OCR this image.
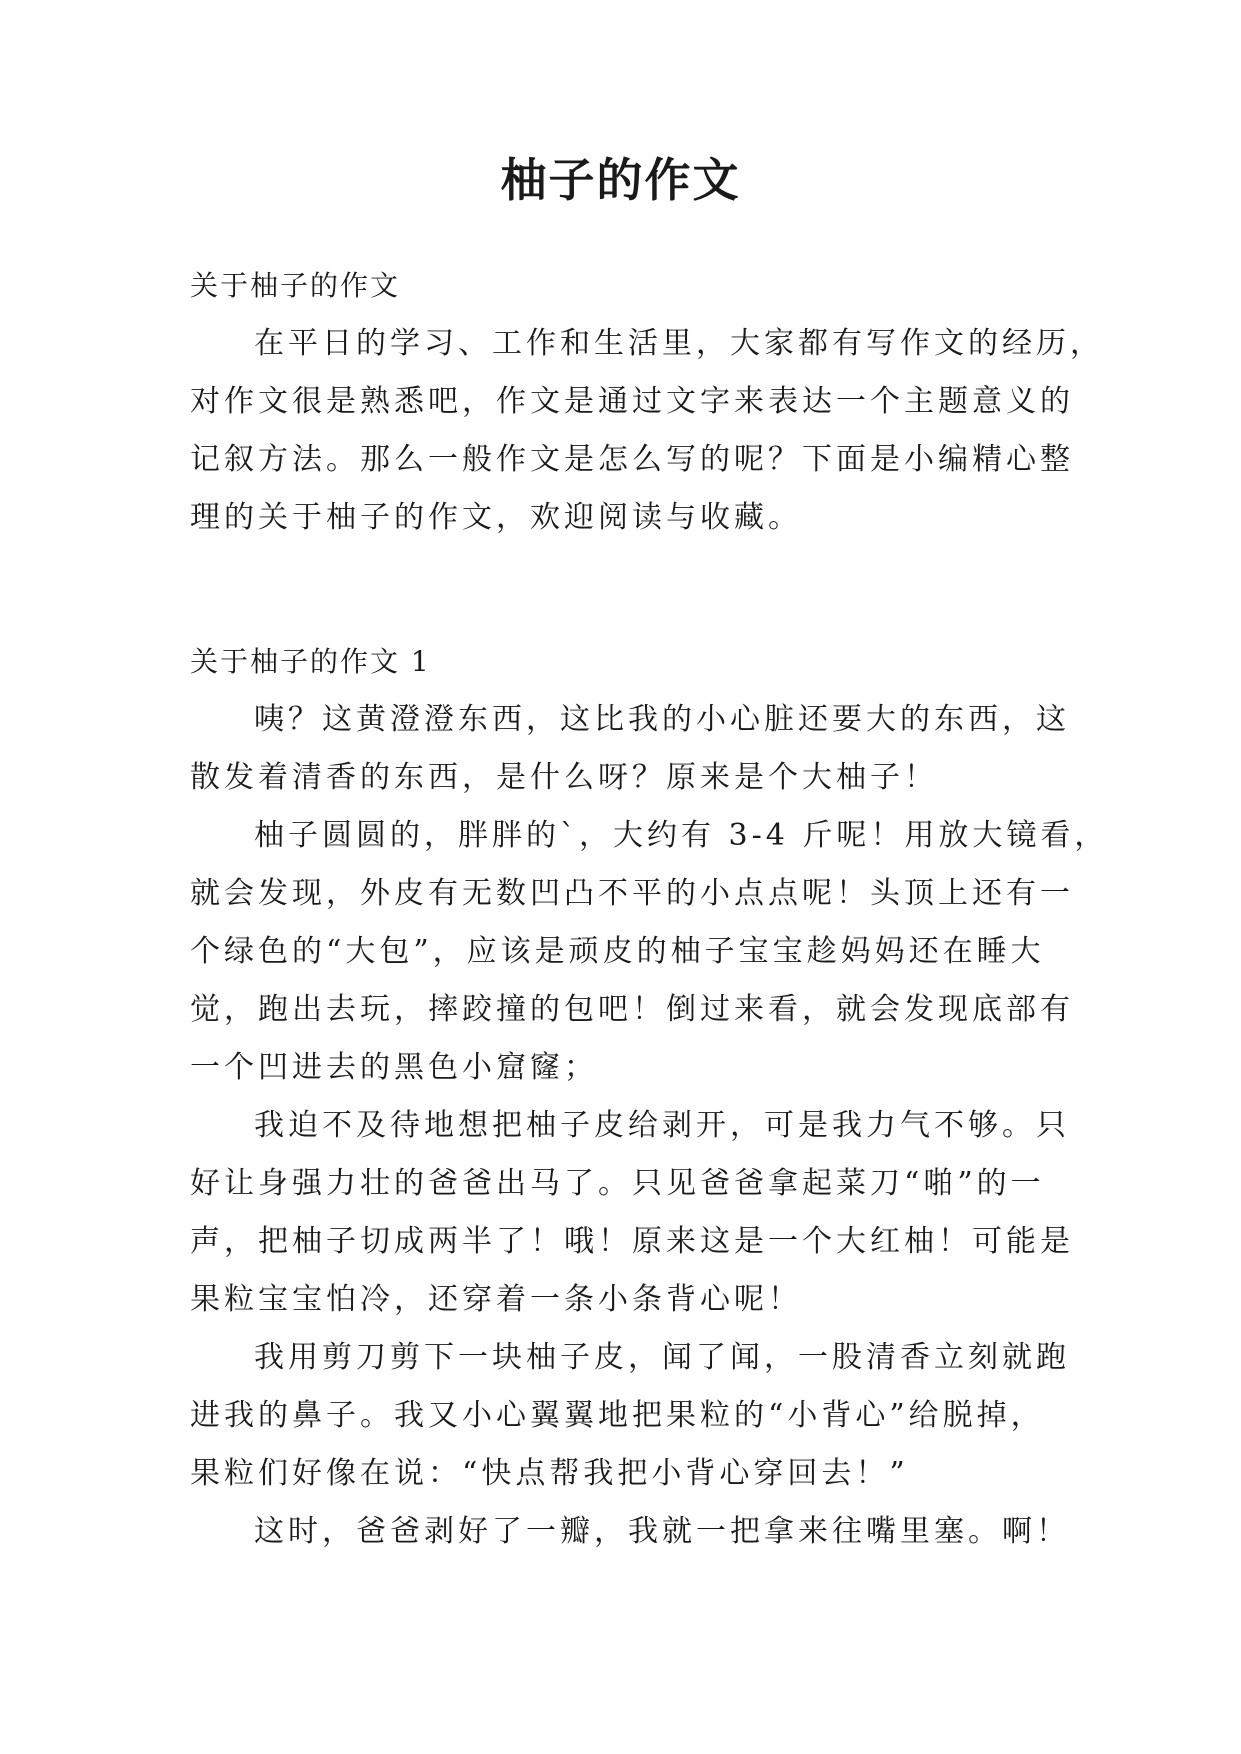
柚子的作文

关于柚子的作文

在平日的学习、工作和生活里，大家都有写作文的经历，
对作文很是熟悉吧，作文是通过文字来表达一个主题意义的
记叙方法。那么一般作文是怎么写的呢？下面是小编精心整
理的关于柚子的作文，欢迎阅读与收藏。

关于柚子的作文 1

咦？这黄澄澄东西，这比我的小心脏还要大的东西，这
散发着清香的东西，是什么呀？原来是个大柚子！
柚子圆圆的，胖胖的`，大约有 3-4 斤呢！用放大镜看，
就会发现，外皮有无数凹凸不平的小点点呢！头顶上还有一
个绿色的“大包”，应该是顽皮的柚子宝宝趁妈妈还在睡大
觉，跑出去玩，摔跤撞的包吧！倒过来看，就会发现底部有
一个凹进去的黑色小窟窿；
我迫不及待地想把柚子皮给剥开，可是我力气不够。只
好让身强力壮的爸爸出马了。只见爸爸拿起菜刀“啪”的一
声，把柚子切成两半了！哦！原来这是一个大红柚！可能是
果粒宝宝怕冷，还穿着一条小条背心呢！
我用剪刀剪下一块柚子皮，闻了闻，一股清香立刻就跑
进我的鼻子。我又小心翼翼地把果粒的“小背心”给脱掉，
果粒们好像在说：“快点帮我把小背心穿回去！”
这时，爸爸剥好了一瓣，我就一把拿来往嘴里塞。啊！
